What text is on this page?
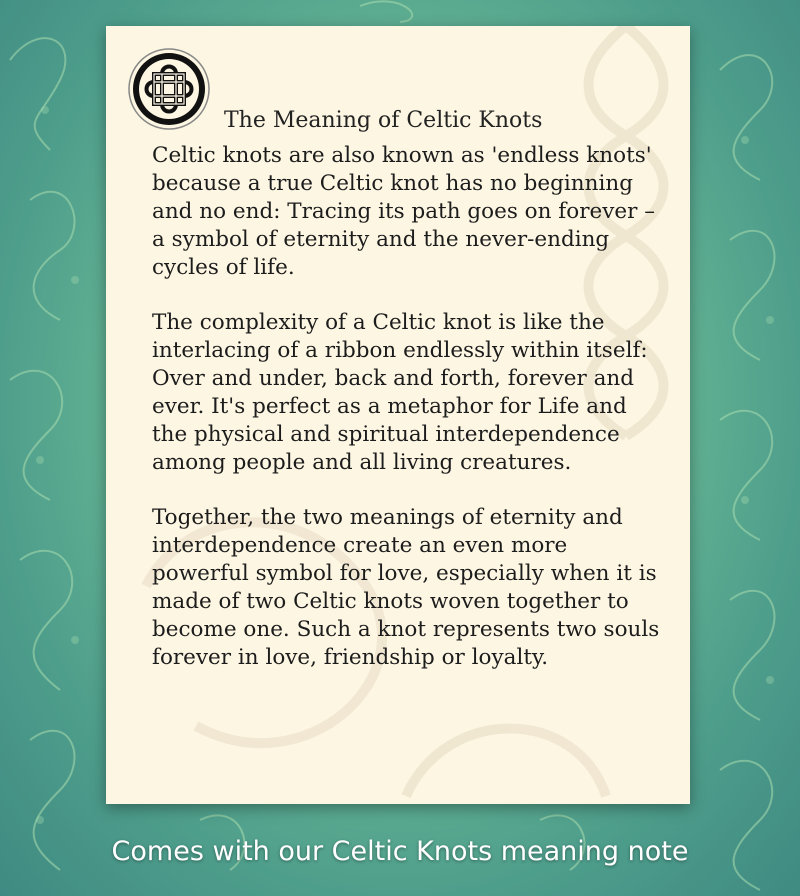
The Meaning of Celtic Knots

Celtic knots are also known as 'endless knots' because a true Celtic knot has no beginning and no end: Tracing its path goes on forever – a symbol of eternity and the never-ending cycles of life.

The complexity of a Celtic knot is like the interlacing of a ribbon endlessly within itself: Over and under, back and forth, forever and ever. It's perfect as a metaphor for Life and the physical and spiritual interdependence among people and all living creatures.

Together, the two meanings of eternity and interdependence create an even more powerful symbol for love, especially when it is made of two Celtic knots woven together to become one. Such a knot represents two souls forever in love, friendship or loyalty.

Comes with our Celtic Knots meaning note
